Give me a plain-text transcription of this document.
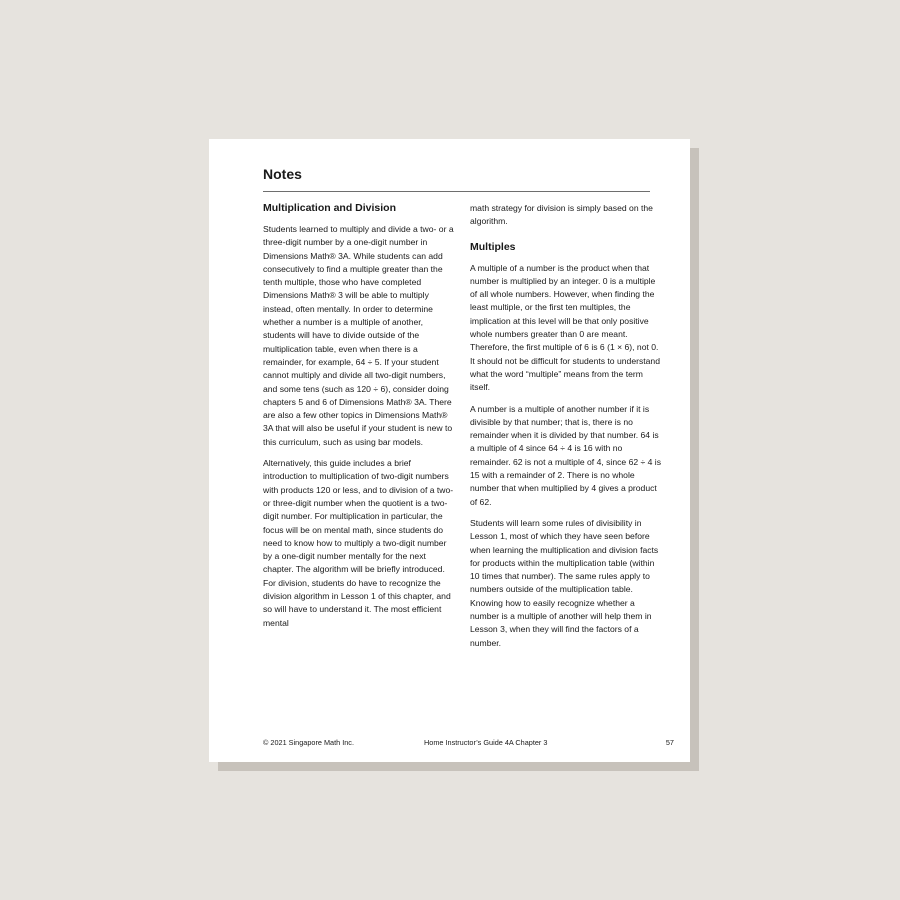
Notes
Multiplication and Division

Students learned to multiply and divide a two- or a three-digit number by a one-digit number in Dimensions Math® 3A. While students can add consecutively to find a multiple greater than the tenth multiple, those who have completed Dimensions Math® 3 will be able to multiply instead, often mentally. In order to determine whether a number is a multiple of another, students will have to divide outside of the multiplication table, even when there is a remainder, for example, 64 ÷ 5. If your student cannot multiply and divide all two-digit numbers, and some tens (such as 120 ÷ 6), consider doing chapters 5 and 6 of Dimensions Math® 3A. There are also a few other topics in Dimensions Math® 3A that will also be useful if your student is new to this curriculum, such as using bar models.

Alternatively, this guide includes a brief introduction to multiplication of two-digit numbers with products 120 or less, and to division of a two- or three-digit number when the quotient is a two-digit number. For multiplication in particular, the focus will be on mental math, since students do need to know how to multiply a two-digit number by a one-digit number mentally for the next chapter. The algorithm will be briefly introduced. For division, students do have to recognize the division algorithm in Lesson 1 of this chapter, and so will have to understand it. The most efficient mental

math strategy for division is simply based on the algorithm.

Multiples

A multiple of a number is the product when that number is multiplied by an integer. 0 is a multiple of all whole numbers. However, when finding the least multiple, or the first ten multiples, the implication at this level will be that only positive whole numbers greater than 0 are meant. Therefore, the first multiple of 6 is 6 (1 × 6), not 0. It should not be difficult for students to understand what the word “multiple” means from the term itself.

A number is a multiple of another number if it is divisible by that number; that is, there is no remainder when it is divided by that number. 64 is a multiple of 4 since 64 ÷ 4 is 16 with no remainder. 62 is not a multiple of 4, since 62 ÷ 4 is 15 with a remainder of 2. There is no whole number that when multiplied by 4 gives a product of 62.

Students will learn some rules of divisibility in Lesson 1, most of which they have seen before when learning the multiplication and division facts for products within the multiplication table (within 10 times that number). The same rules apply to numbers outside of the multiplication table. Knowing how to easily recognize whether a number is a multiple of another will help them in Lesson 3, when they will find the factors of a number.

© 2021 Singapore Math Inc.	Home Instructor’s Guide 4A Chapter 3	57
